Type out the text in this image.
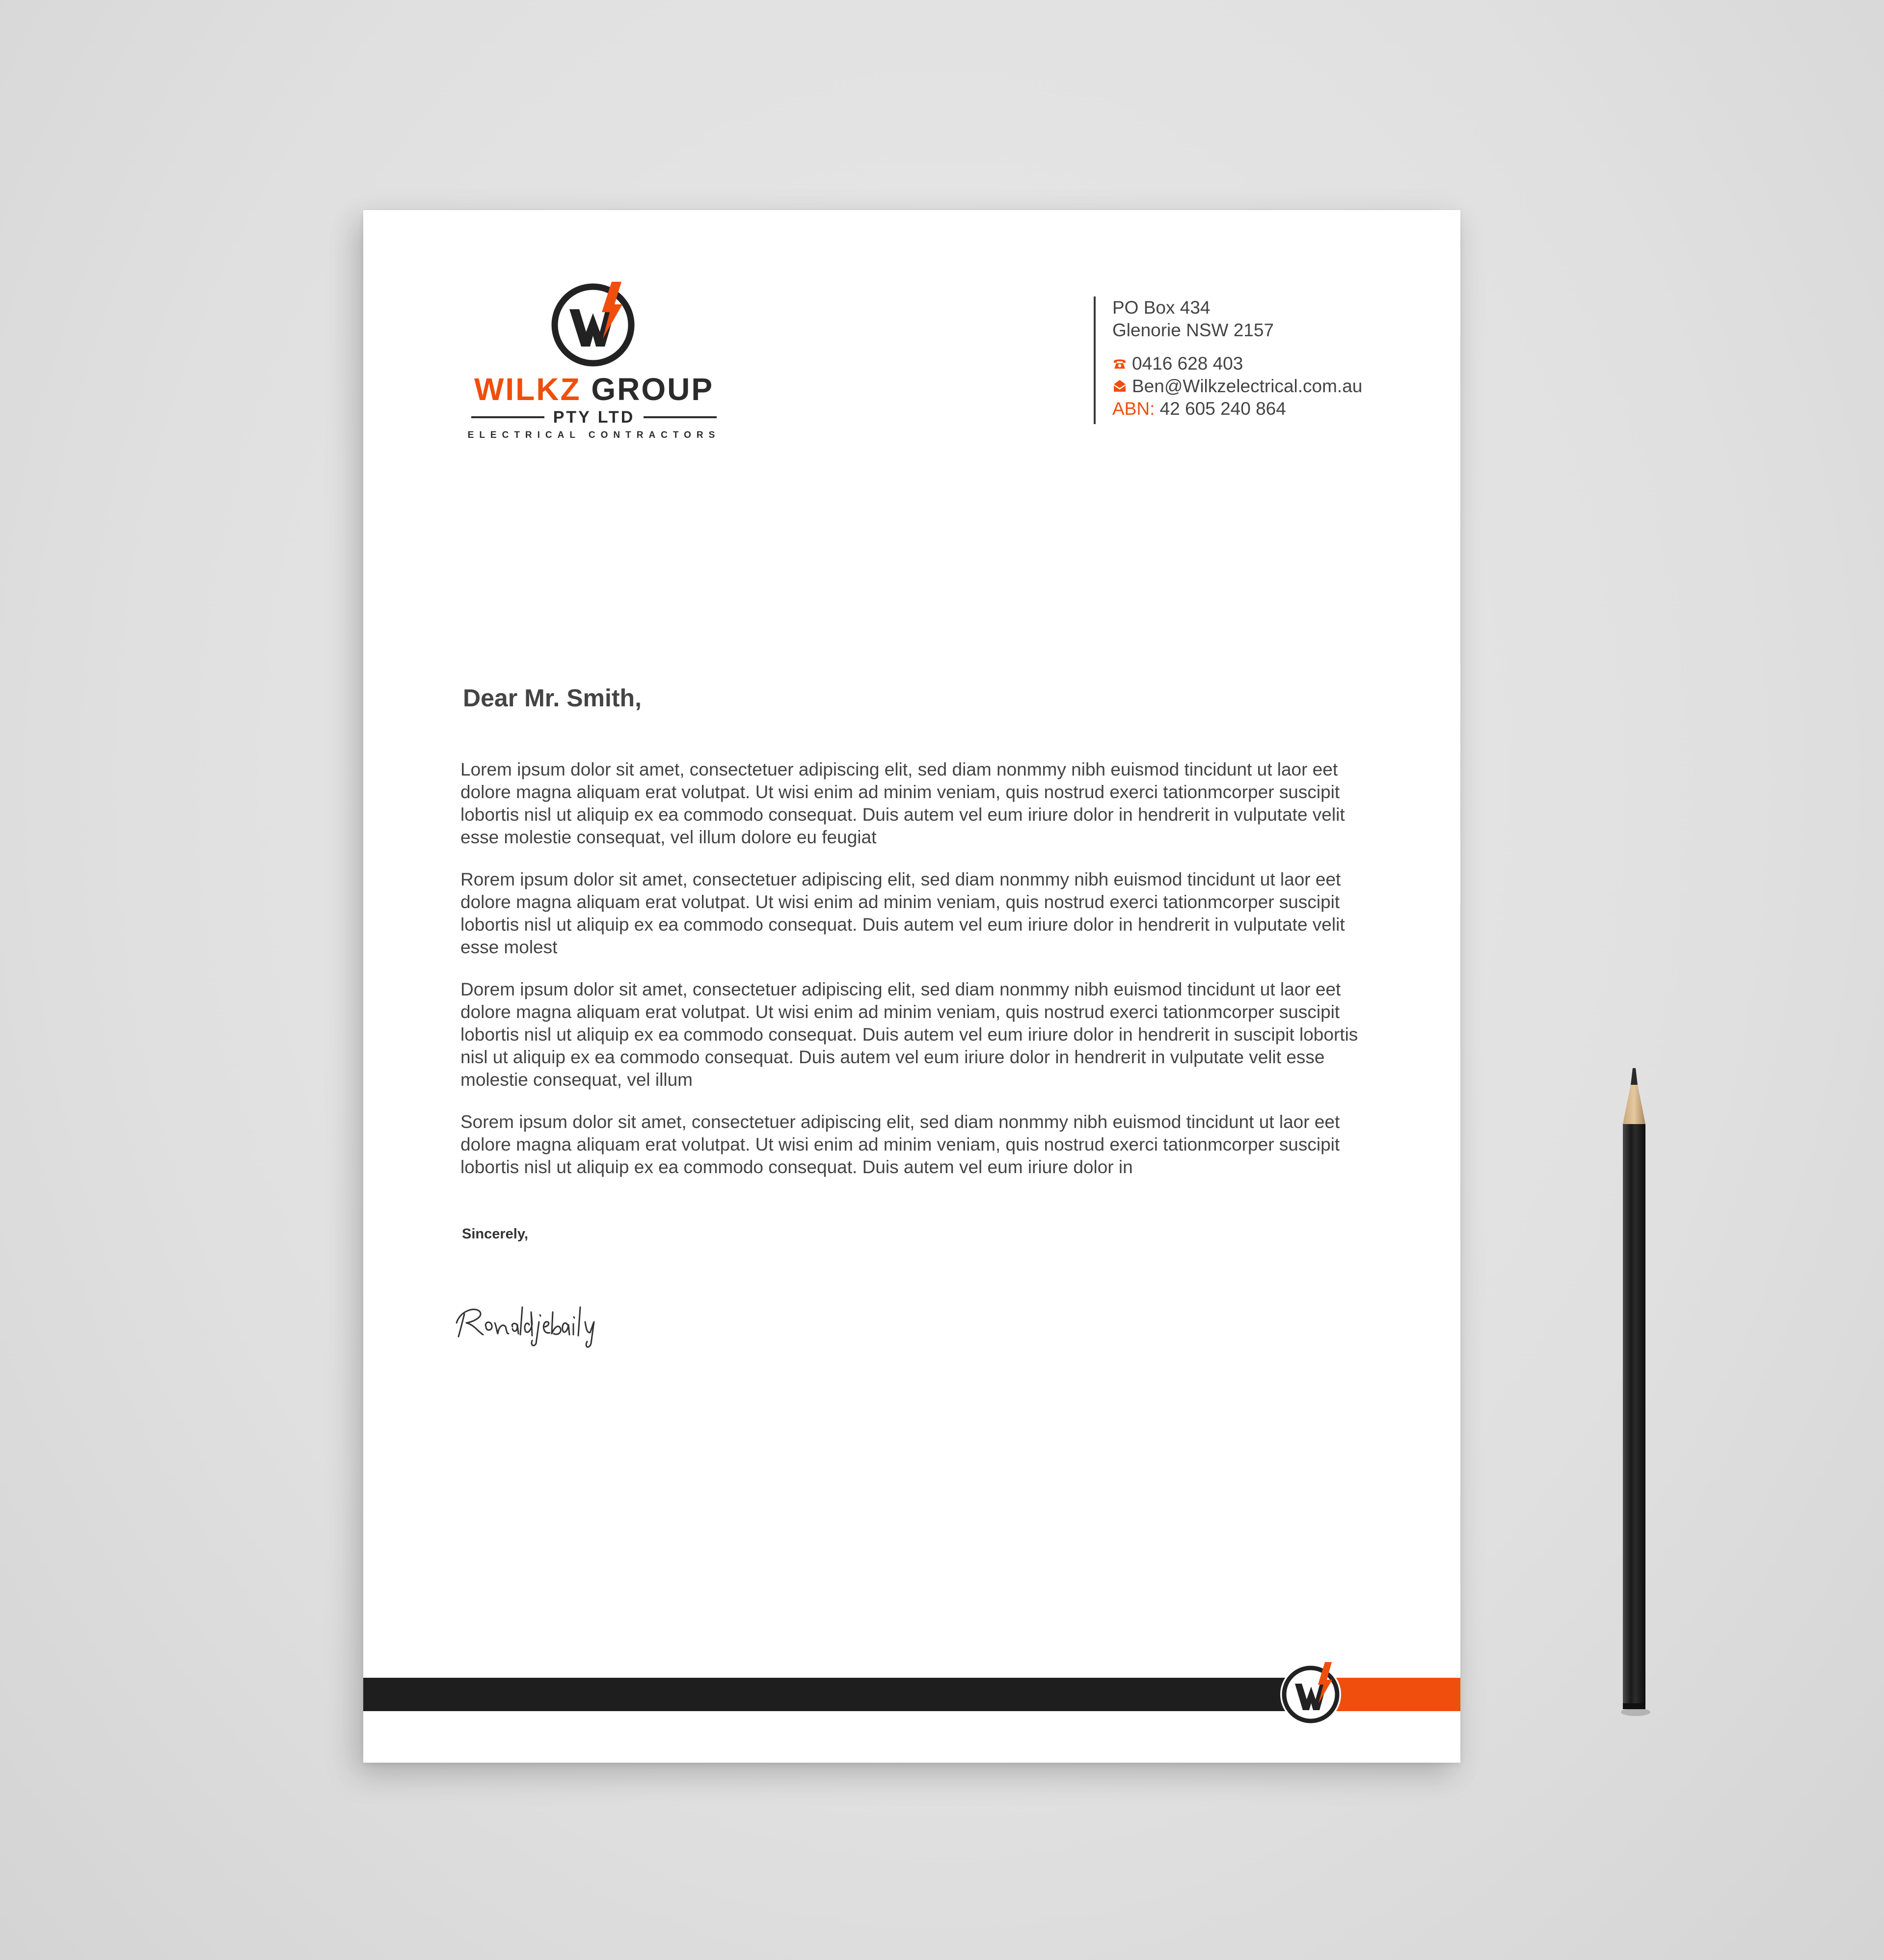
WILKZ GROUP
PTY LTD
ELECTRICAL CONTRACTORS
PO Box 434
Glenorie NSW 2157
0416 628 403
Ben@Wilkzelectrical.com.au
ABN: 42 605 240 864
Dear Mr. Smith,

Lorem ipsum dolor sit amet, consectetuer adipiscing elit, sed diam nonmmy nibh euismod tincidunt ut laor eet dolore magna aliquam erat volutpat. Ut wisi enim ad minim veniam, quis nostrud exerci tationmcorper suscipit lobortis nisl ut aliquip ex ea commodo consequat. Duis autem vel eum iriure dolor in hendrerit in vulputate velit esse molestie consequat, vel illum dolore eu feugiat

Rorem ipsum dolor sit amet, consectetuer adipiscing elit, sed diam nonmmy nibh euismod tincidunt ut laor eet dolore magna aliquam erat volutpat. Ut wisi enim ad minim veniam, quis nostrud exerci tationmcorper suscipit lobortis nisl ut aliquip ex ea commodo consequat. Duis autem vel eum iriure dolor in hendrerit in vulputate velit esse molest

Dorem ipsum dolor sit amet, consectetuer adipiscing elit, sed diam nonmmy nibh euismod tincidunt ut laor eet dolore magna aliquam erat volutpat. Ut wisi enim ad minim veniam, quis nostrud exerci tationmcorper suscipit lobortis nisl ut aliquip ex ea commodo consequat. Duis autem vel eum iriure dolor in hendrerit in suscipit lobortis nisl ut aliquip ex ea commodo consequat. Duis autem vel eum iriure dolor in hendrerit in vulputate velit esse molestie consequat, vel illum

Sorem ipsum dolor sit amet, consectetuer adipiscing elit, sed diam nonmmy nibh euismod tincidunt ut laor eet dolore magna aliquam erat volutpat. Ut wisi enim ad minim veniam, quis nostrud exerci tationmcorper suscipit lobortis nisl ut aliquip ex ea commodo consequat. Duis autem vel eum iriure dolor in

Sincerely,
